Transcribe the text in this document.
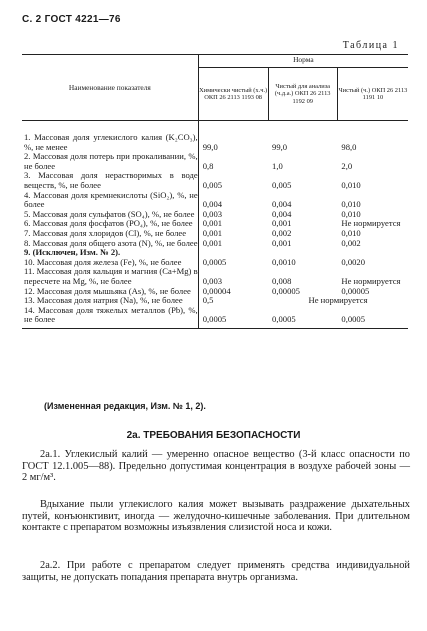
С. 2 ГОСТ 4221—76
Таблица 1
Наименование показателя	Норма		
	Химически чистый (х.ч.) ОКП 26 2113 1193 08	Чистый для анализа (ч.д.а.) ОКП 26 2113 1192 09	Чистый (ч.) ОКП 26 2113 1191 10
1. Массовая доля углекислого калия (K₂CO₃), %, не менее	99,0	99,0	98,0
2. Массовая доля потерь при прокаливании, %, не более	0,8	1,0	2,0
3. Массовая доля нерастворимых в воде веществ, %, не более	0,005	0,005	0,010
4. Массовая доля кремнекислоты (SiO₂), %, не более	0,004	0,004	0,010
5. Массовая доля сульфатов (SO₄), %, не более	0,003	0,004	0,010
6. Массовая доля фосфатов (PO₄), %, не более	0,001	0,001	Не нормируется
7. Массовая доля хлоридов (Cl), %, не более	0,001	0,002	0,010
8. Массовая доля общего азота (N), %, не более	0,001	0,001	0,002
9. (Исключен, Изм. № 2).			
10. Массовая доля железа (Fe), %, не более	0,0005	0,0010	0,0020
11. Массовая доля кальция и магния (Ca+Mg) в пересчете на Mg, %, не более	0,003	0,008	Не нормируется
12. Массовая доля мышьяка (As), %, не более	0,00004	0,00005	0,00005
13. Массовая доля натрия (Na), %, не более	0,5	Не нормируется	
14. Массовая доля тяжелых металлов (Pb), %, не более	0,0005	0,0005	0,0005
(Измененная редакция, Изм. № 1, 2).
2а. ТРЕБОВАНИЯ БЕЗОПАСНОСТИ
2а.1. Углекислый калий — умеренно опасное вещество (3-й класс опасности по ГОСТ 12.1.005—88). Предельно допустимая концентрация в воздухе рабочей зоны — 2 мг/м³.
Вдыхание пыли углекислого калия может вызывать раздражение дыхательных путей, конъюнктивит, иногда — желудочно-кишечные заболевания. При длительном контакте с препаратом возможны изъязвления слизистой носа и кожи.
2а.2. При работе с препаратом следует применять средства индивидуальной защиты, не допускать попадания препарата внутрь организма.
